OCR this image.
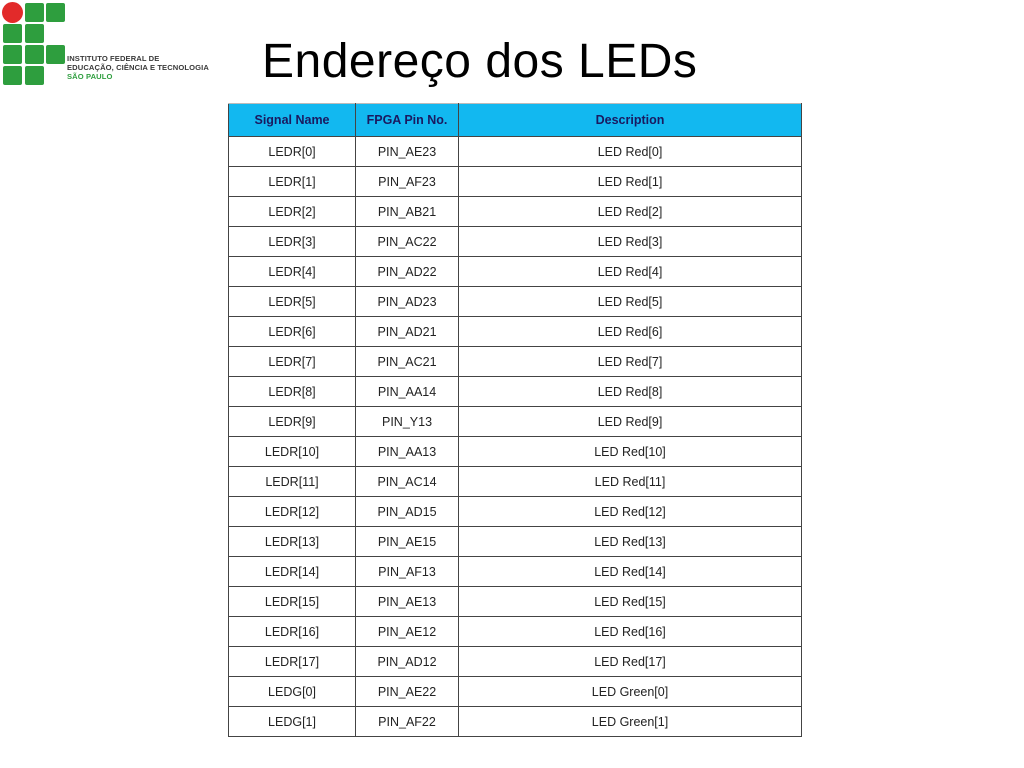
INSTITUTO FEDERAL DE
EDUCAÇÃO, CIÊNCIA E TECNOLOGIA
SÃO PAULO	Endereço dos LEDs
Signal Name	FPGA Pin No.	Description
LEDR[0]	PIN_AE23	LED Red[0]
LEDR[1]	PIN_AF23	LED Red[1]
LEDR[2]	PIN_AB21	LED Red[2]
LEDR[3]	PIN_AC22	LED Red[3]
LEDR[4]	PIN_AD22	LED Red[4]
LEDR[5]	PIN_AD23	LED Red[5]
LEDR[6]	PIN_AD21	LED Red[6]
LEDR[7]	PIN_AC21	LED Red[7]
LEDR[8]	PIN_AA14	LED Red[8]
LEDR[9]	PIN_Y13	LED Red[9]
LEDR[10]	PIN_AA13	LED Red[10]
LEDR[11]	PIN_AC14	LED Red[11]
LEDR[12]	PIN_AD15	LED Red[12]
LEDR[13]	PIN_AE15	LED Red[13]
LEDR[14]	PIN_AF13	LED Red[14]
LEDR[15]	PIN_AE13	LED Red[15]
LEDR[16]	PIN_AE12	LED Red[16]
LEDR[17]	PIN_AD12	LED Red[17]
LEDG[0]	PIN_AE22	LED Green[0]
LEDG[1]	PIN_AF22	LED Green[1]
